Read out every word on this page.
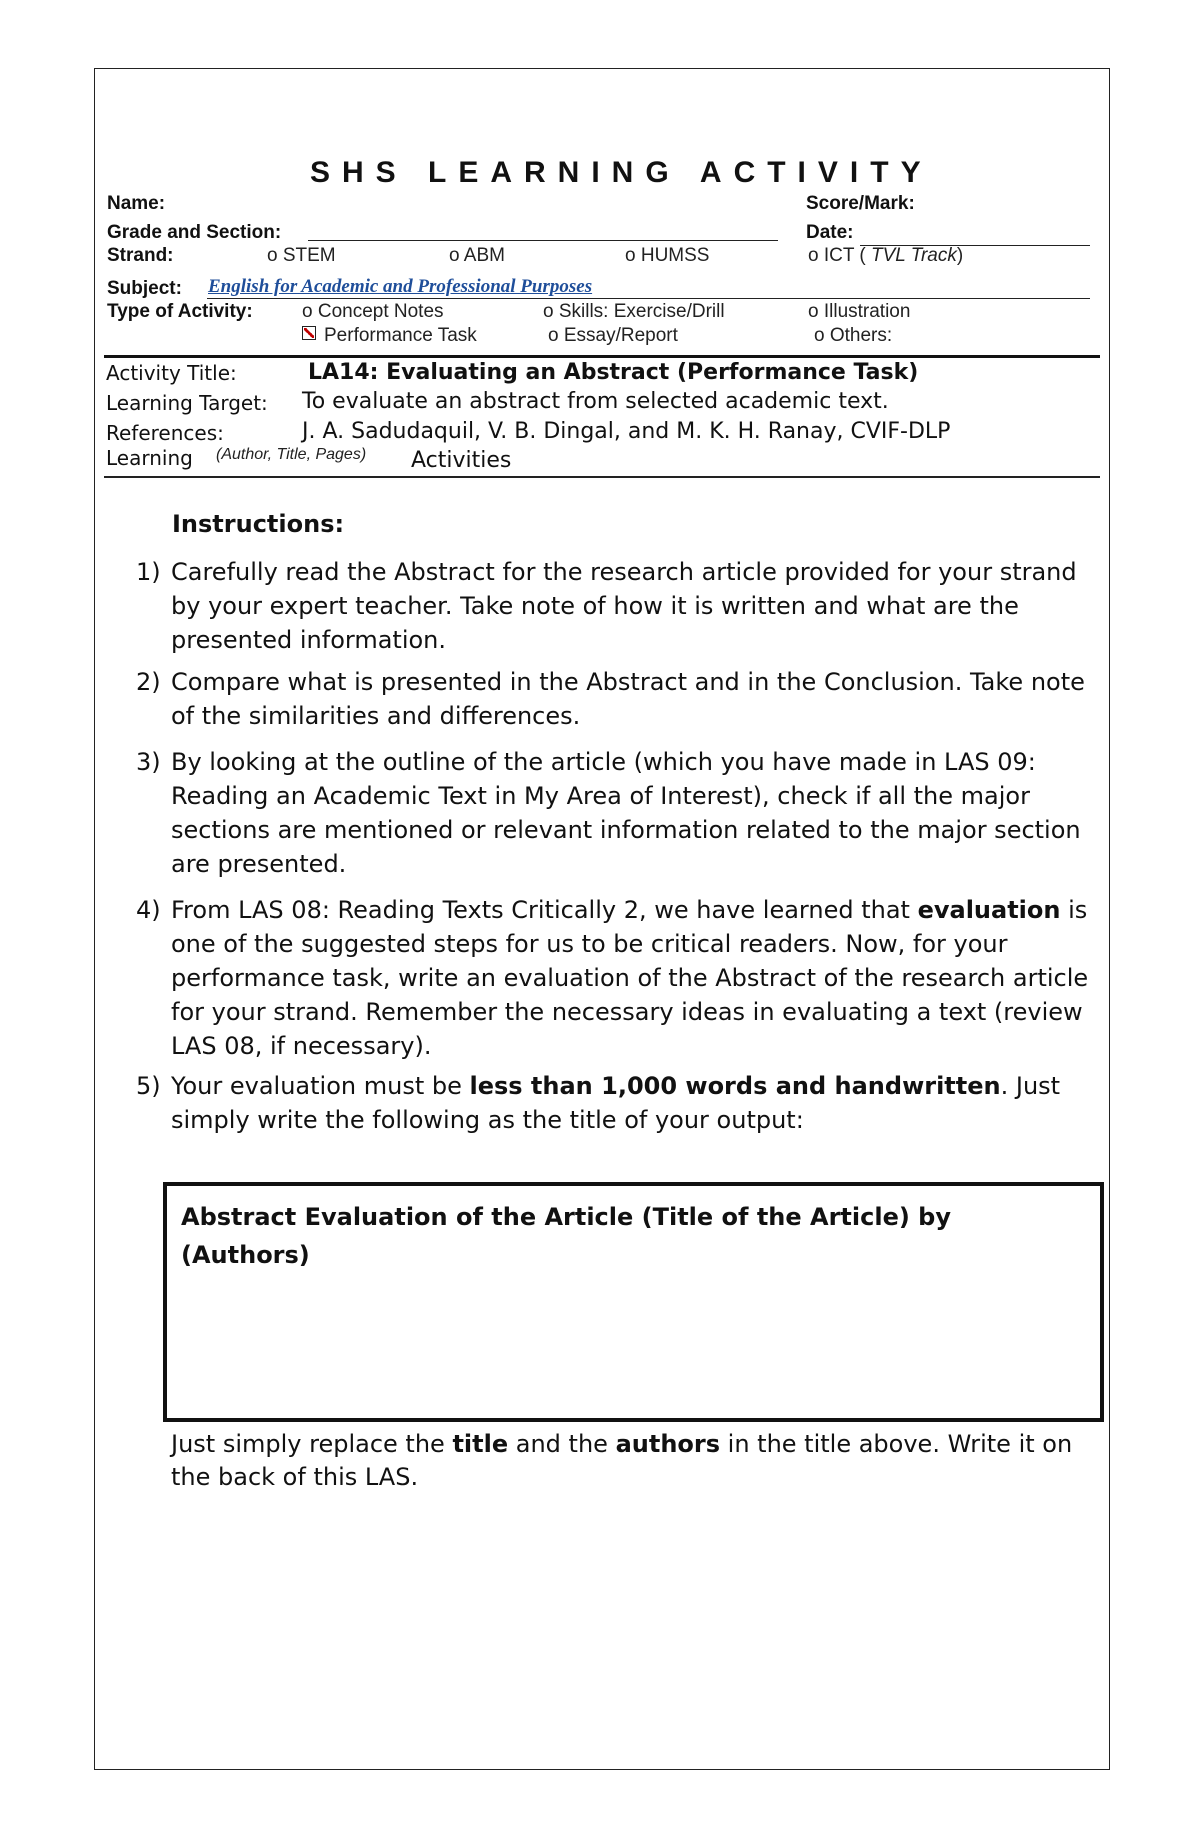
SHS LEARNING ACTIVITY
Name:	Score/Mark:
Grade and Section:	Date:
Strand:	o STEM	o ABM	o HUMSS	o ICT ( TVL Track)
Subject: English for Academic and Professional Purposes
Type of Activity:	o Concept Notes	o Skills: Exercise/Drill	o Illustration
Performance Task	o Essay/Report	o Others:
Activity Title:	LA14: Evaluating an Abstract (Performance Task)
Learning Target: To evaluate an abstract from selected academic text.
References:	J. A. Sadudaquil, V. B. Dingal, and M. K. H. Ranay, CVIF-DLP
Learning (Author, Title, Pages) Activities
Instructions:
1) Carefully read the Abstract for the research article provided for your strand by your expert teacher. Take note of how it is written and what are the presented information.
2) Compare what is presented in the Abstract and in the Conclusion. Take note of the similarities and differences.
3) By looking at the outline of the article (which you have made in LAS 09: Reading an Academic Text in My Area of Interest), check if all the major sections are mentioned or relevant information related to the major section are presented.
4) From LAS 08: Reading Texts Critically 2, we have learned that evaluation is one of the suggested steps for us to be critical readers. Now, for your performance task, write an evaluation of the Abstract of the research article for your strand. Remember the necessary ideas in evaluating a text (review LAS 08, if necessary).
5) Your evaluation must be less than 1,000 words and handwritten. Just simply write the following as the title of your output:
Abstract Evaluation of the Article (Title of the Article) by (Authors)
Just simply replace the title and the authors in the title above. Write it on the back of this LAS.
